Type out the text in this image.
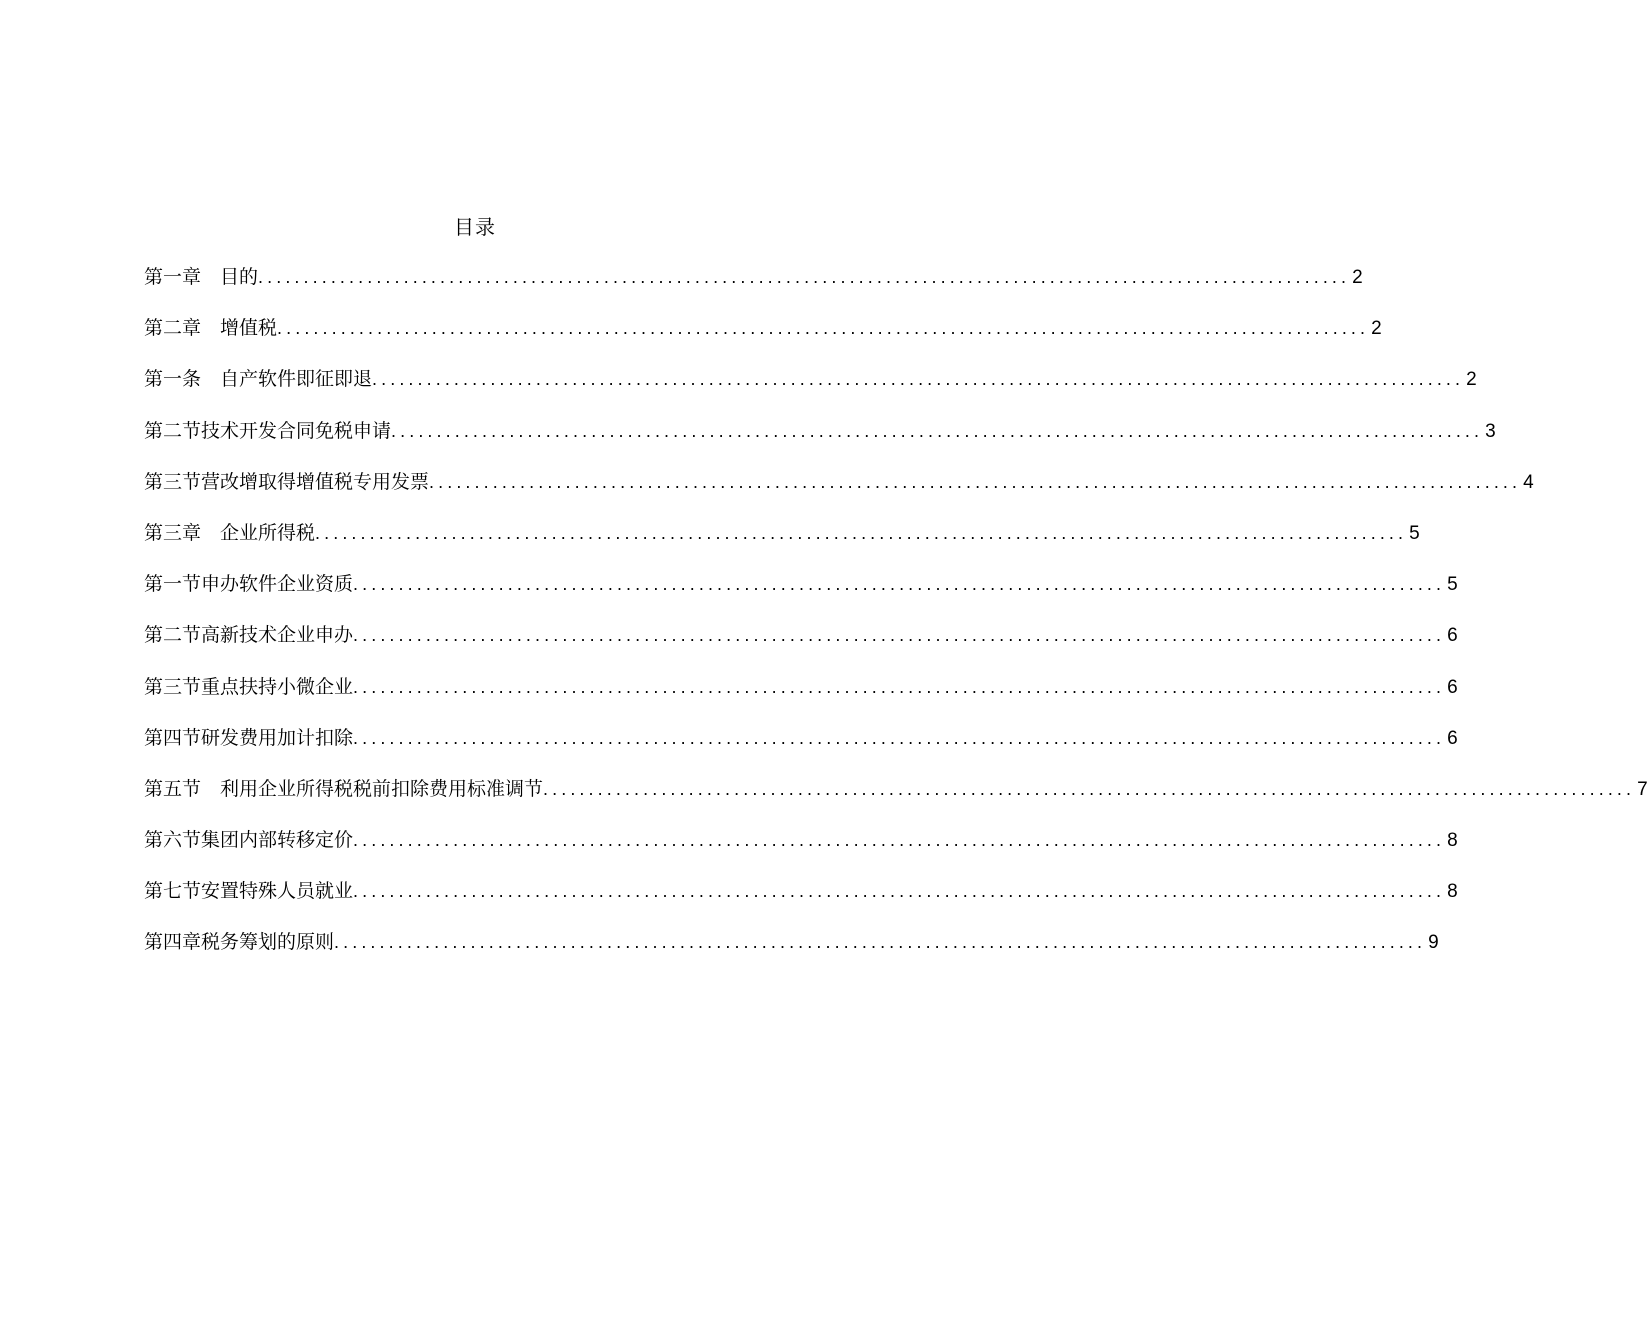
目录
第一章　目的 ........................................................................................................................ 2
第二章　增值税 ........................................................................................................................ 2
第一条　自产软件即征即退 ........................................................................................................................ 2
第二节技术开发合同免税申请 ........................................................................................................................ 3
第三节营改增取得增值税专用发票 ........................................................................................................................ 4
第三章　企业所得税 ........................................................................................................................ 5
第一节申办软件企业资质 ........................................................................................................................ 5
第二节高新技术企业申办 ........................................................................................................................ 6
第三节重点扶持小微企业 ........................................................................................................................ 6
第四节研发费用加计扣除 ........................................................................................................................ 6
第五节　利用企业所得税税前扣除费用标准调节 ........................................................................................................................ 7
第六节集团内部转移定价 ........................................................................................................................ 8
第七节安置特殊人员就业 ........................................................................................................................ 8
第四章税务筹划的原则 ........................................................................................................................ 9
